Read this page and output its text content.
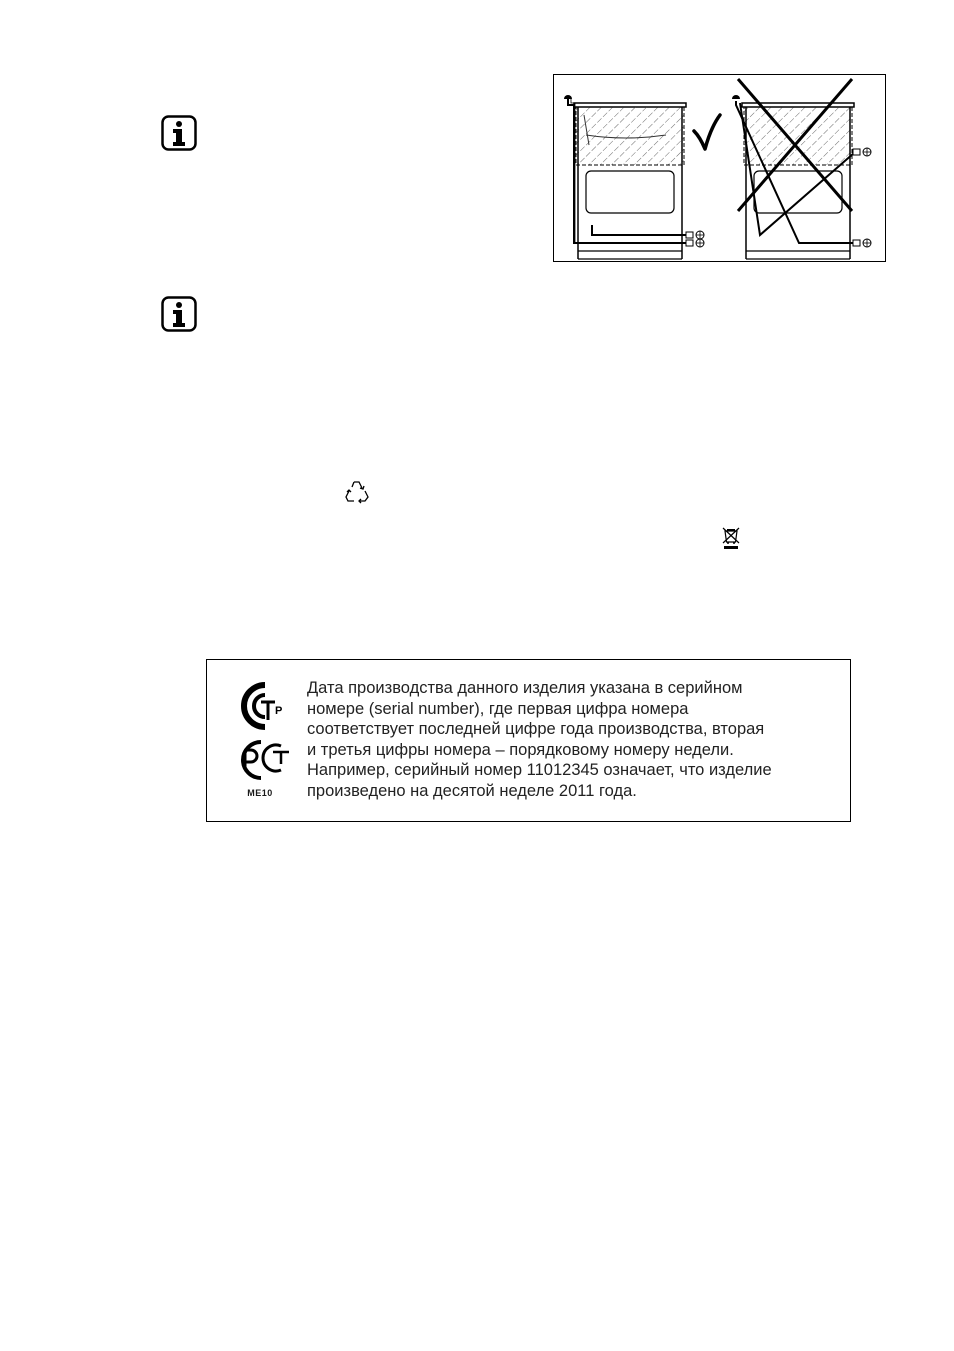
Р
ME10

Дата производства данного изделия указана в серийном

номере (serial number), где первая цифра номера

соответствует последней цифре года производства, вторая

и третья цифры номера – порядковому номеру недели.

Например, серийный номер 11012345 означает, что изделие

произведено на десятой неделе 2011 года.
